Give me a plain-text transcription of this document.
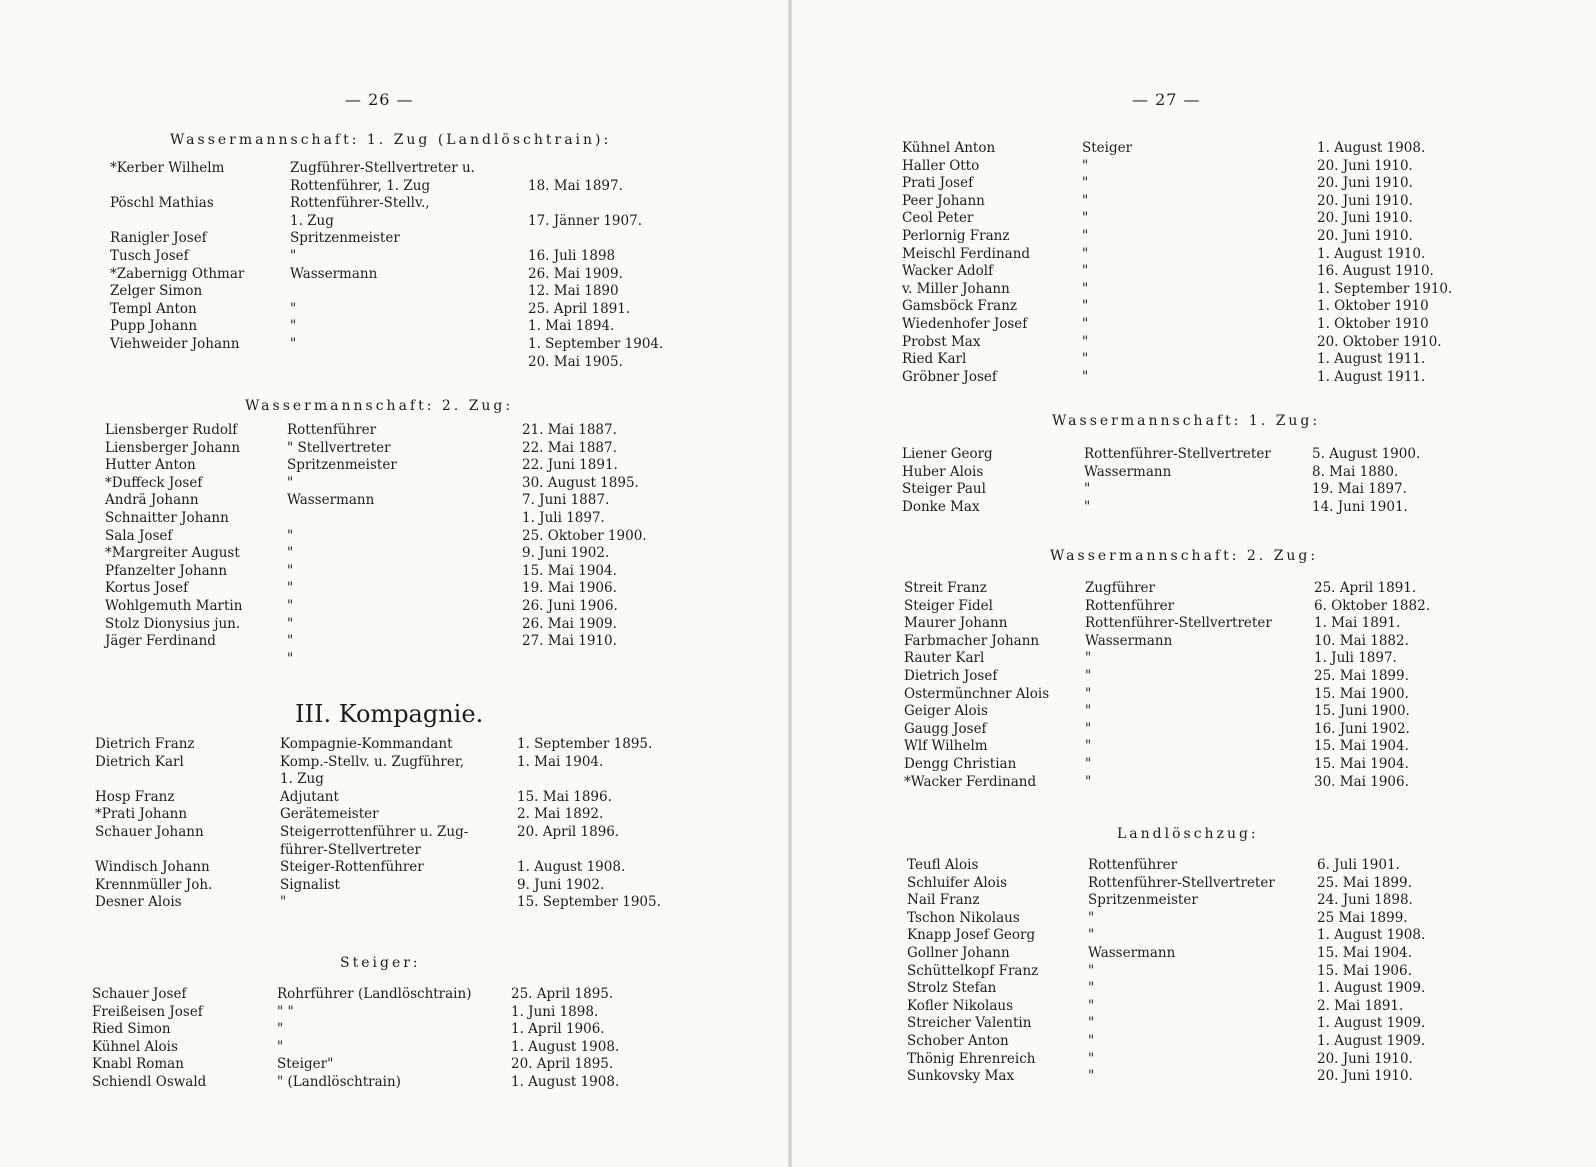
— 26 —
Wassermannschaft: 1. Zug (Landlöschtrain):
*Kerber Wilhelm
Pöschl Mathias
Ranigler Josef
Tusch Josef
*Zabernigg Othmar
Zelger Simon
Templ Anton
Pupp Johann
Viehweider Johann
Zugführer-Stellvertreter u.
Rottenführer, 1. Zug
Rottenführer-Stellv.,
1. Zug
Spritzenmeister
"
Wassermann
"
"
"
18. Mai 1897.
17. Jänner 1907.
16. Juli 1898
26. Mai 1909.
12. Mai 1890
25. April 1891.
1. Mai 1894.
1. September 1904.
20. Mai 1905.
Wassermannschaft: 2. Zug:
Liensberger Rudolf
Liensberger Johann
Hutter Anton
*Duffeck Josef
Andrä Johann
Schnaitter Johann
Sala Josef
*Margreiter August
Pfanzelter Johann
Kortus Josef
Wohlgemuth Martin
Stolz Dionysius jun.
Jäger Ferdinand
Rottenführer
" Stellvertreter
Spritzenmeister
"
Wassermann
"
"
"
"
"
"
"
"
21. Mai 1887.
22. Mai 1887.
22. Juni 1891.
30. August 1895.
7. Juni 1887.
1. Juli 1897.
25. Oktober 1900.
9. Juni 1902.
15. Mai 1904.
19. Mai 1906.
26. Juni 1906.
26. Mai 1909.
27. Mai 1910.
III. Kompagnie.
Dietrich Franz
Dietrich Karl
Hosp Franz
*Prati Johann
Schauer Johann
Windisch Johann
Krennmüller Joh.
Desner Alois
Kompagnie-Kommandant
Komp.-Stellv. u. Zugführer,
1. Zug
Adjutant
Gerätemeister
Steigerrottenführer u. Zug-
führer-Stellvertreter
Steiger-Rottenführer
Signalist
"
1. September 1895.
1. Mai 1904.
15. Mai 1896.
2. Mai 1892.
20. April 1896.
1. August 1908.
9. Juni 1902.
15. September 1905.
Steiger:
Schauer Josef
Freißeisen Josef
Ried Simon
Kühnel Alois
Knabl Roman
Schiendl Oswald
Rohrführer (Landlöschtrain)
" "
"
"
Steiger"
" (Landlöschtrain)
25. April 1895.
1. Juni 1898.
1. April 1906.
1. August 1908.
20. April 1895.
1. August 1908.
— 27 —
Kühnel Anton
Haller Otto
Prati Josef
Peer Johann
Ceol Peter
Perlornig Franz
Meischl Ferdinand
Wacker Adolf
v. Miller Johann
Gamsböck Franz
Wiedenhofer Josef
Probst Max
Ried Karl
Gröbner Josef
Steiger
"
"
"
"
"
"
"
"
"
"
"
"
"
1. August 1908.
20. Juni 1910.
20. Juni 1910.
20. Juni 1910.
20. Juni 1910.
20. Juni 1910.
1. August 1910.
16. August 1910.
1. September 1910.
1. Oktober 1910
1. Oktober 1910
20. Oktober 1910.
1. August 1911.
1. August 1911.
Wassermannschaft: 1. Zug:
Liener Georg
Huber Alois
Steiger Paul
Donke Max
Rottenführer-Stellvertreter
Wassermann
"
"
5. August 1900.
8. Mai 1880.
19. Mai 1897.
14. Juni 1901.
Wassermannschaft: 2. Zug:
Streit Franz
Steiger Fidel
Maurer Johann
Farbmacher Johann
Rauter Karl
Dietrich Josef
Ostermünchner Alois
Geiger Alois
Gaugg Josef
Wlf Wilhelm
Dengg Christian
*Wacker Ferdinand
Zugführer
Rottenführer
Rottenführer-Stellvertreter
Wassermann
"
"
"
"
"
"
"
"
25. April 1891.
6. Oktober 1882.
1. Mai 1891.
10. Mai 1882.
1. Juli 1897.
25. Mai 1899.
15. Mai 1900.
15. Juni 1900.
16. Juni 1902.
15. Mai 1904.
15. Mai 1904.
30. Mai 1906.
Landlöschzug:
Teufl Alois
Schluifer Alois
Nail Franz
Tschon Nikolaus
Knapp Josef Georg
Gollner Johann
Schüttelkopf Franz
Strolz Stefan
Kofler Nikolaus
Streicher Valentin
Schober Anton
Thönig Ehrenreich
Sunkovsky Max
Rottenführer
Rottenführer-Stellvertreter
Spritzenmeister
"
"
Wassermann
"
"
"
"
"
"
"
6. Juli 1901.
25. Mai 1899.
24. Juni 1898.
25 Mai 1899.
1. August 1908.
15. Mai 1904.
15. Mai 1906.
1. August 1909.
2. Mai 1891.
1. August 1909.
1. August 1909.
20. Juni 1910.
20. Juni 1910.
